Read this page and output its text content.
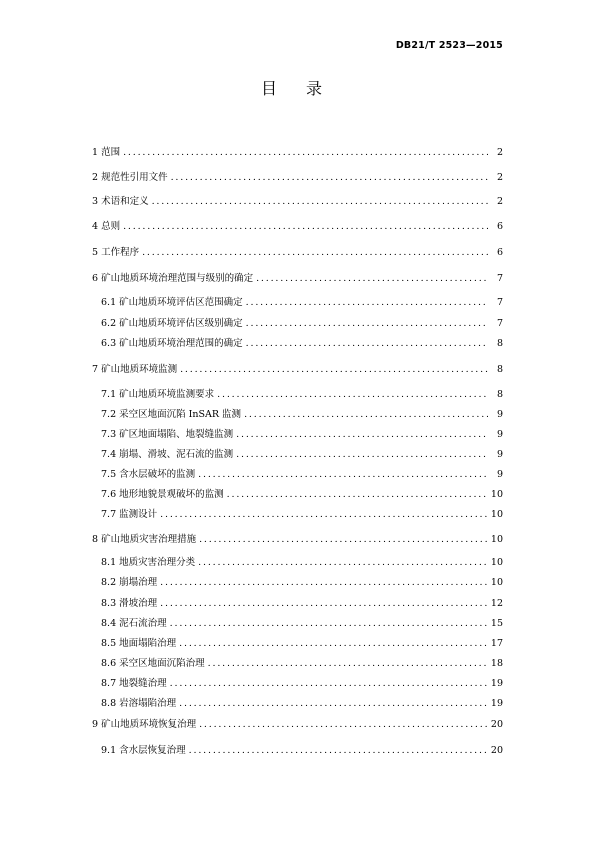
DB21/T 2523—2015
目 录
1 范围 . . .	2
2 规范性引用文件 . . .	2
3 术语和定义 . . .	2
4 总则 . . .	6
5 工作程序 . . .	6
6 矿山地质环境治理范围与级别的确定 . . .	7
6.1 矿山地质环境评估区范围确定 . . .	7
6.2 矿山地质环境评估区级别确定 . . .	7
6.3 矿山地质环境治理范围的确定 . . .	8
7 矿山地质环境监测 . . .	8
7.1 矿山地质环境监测要求 . . .	8
7.2 采空区地面沉陷 InSAR 监测 . . .	9
7.3 矿区地面塌陷、地裂缝监测 . . .	9
7.4 崩塌、滑坡、泥石流的监测 . . .	9
7.5 含水层破坏的监测 . . .	9
7.6 地形地貌景观破坏的监测 . . .	10
7.7 监测设计 . . .	10
8 矿山地质灾害治理措施 . . .	10
8.1 地质灾害治理分类 . . .	10
8.2 崩塌治理 . . .	10
8.3 滑坡治理 . . .	12
8.4 泥石流治理 . . .	15
8.5 地面塌陷治理 . . .	17
8.6 采空区地面沉陷治理 . . .	18
8.7 地裂缝治理 . . .	19
8.8 岩溶塌陷治理 . . .	19
9 矿山地质环境恢复治理 . . .	20
9.1 含水层恢复治理 . . .	20
